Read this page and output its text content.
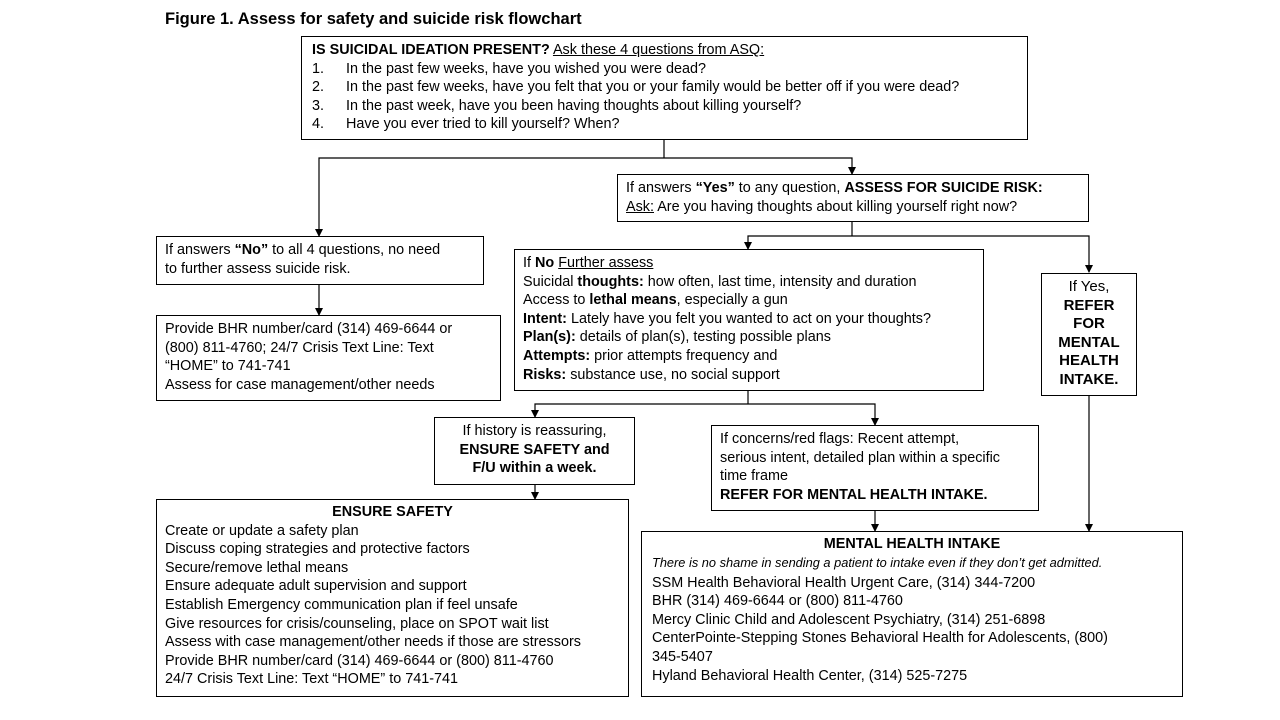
Figure 1. Assess for safety and suicide risk flowchart
IS SUICIDAL IDEATION PRESENT? Ask these 4 questions from ASQ:
1. In the past few weeks, have you wished you were dead?
2. In the past few weeks, have you felt that you or your family would be better off if you were dead?
3. In the past week, have you been having thoughts about killing yourself?
4. Have you ever tried to kill yourself? When?
If answers “Yes” to any question, ASSESS FOR SUICIDE RISK:
Ask: Are you having thoughts about killing yourself right now?
If answers “No” to all 4 questions, no need
to further assess suicide risk.
Provide BHR number/card (314) 469-6644 or
(800) 811-4760; 24/7 Crisis Text Line: Text
“HOME” to 741-741
Assess for case management/other needs
If No Further assess
Suicidal thoughts: how often, last time, intensity and duration
Access to lethal means, especially a gun
Intent: Lately have you felt you wanted to act on your thoughts?
Plan(s): details of plan(s), testing possible plans
Attempts: prior attempts frequency and
Risks: substance use, no social support
If Yes,
REFER
FOR
MENTAL
HEALTH
INTAKE.
If history is reassuring,
ENSURE SAFETY and
F/U within a week.
If concerns/red flags: Recent attempt,
serious intent, detailed plan within a specific
time frame
REFER FOR MENTAL HEALTH INTAKE.
ENSURE SAFETY
Create or update a safety plan
Discuss coping strategies and protective factors
Secure/remove lethal means
Ensure adequate adult supervision and support
Establish Emergency communication plan if feel unsafe
Give resources for crisis/counseling, place on SPOT wait list
Assess with case management/other needs if those are stressors
Provide BHR number/card (314) 469-6644 or (800) 811-4760
24/7 Crisis Text Line: Text “HOME” to 741-741
MENTAL HEALTH INTAKE
There is no shame in sending a patient to intake even if they don’t get admitted.
SSM Health Behavioral Health Urgent Care, (314) 344-7200
BHR (314) 469-6644 or (800) 811-4760
Mercy Clinic Child and Adolescent Psychiatry, (314) 251-6898
CenterPointe-Stepping Stones Behavioral Health for Adolescents, (800)
345-5407
Hyland Behavioral Health Center, (314) 525-7275
